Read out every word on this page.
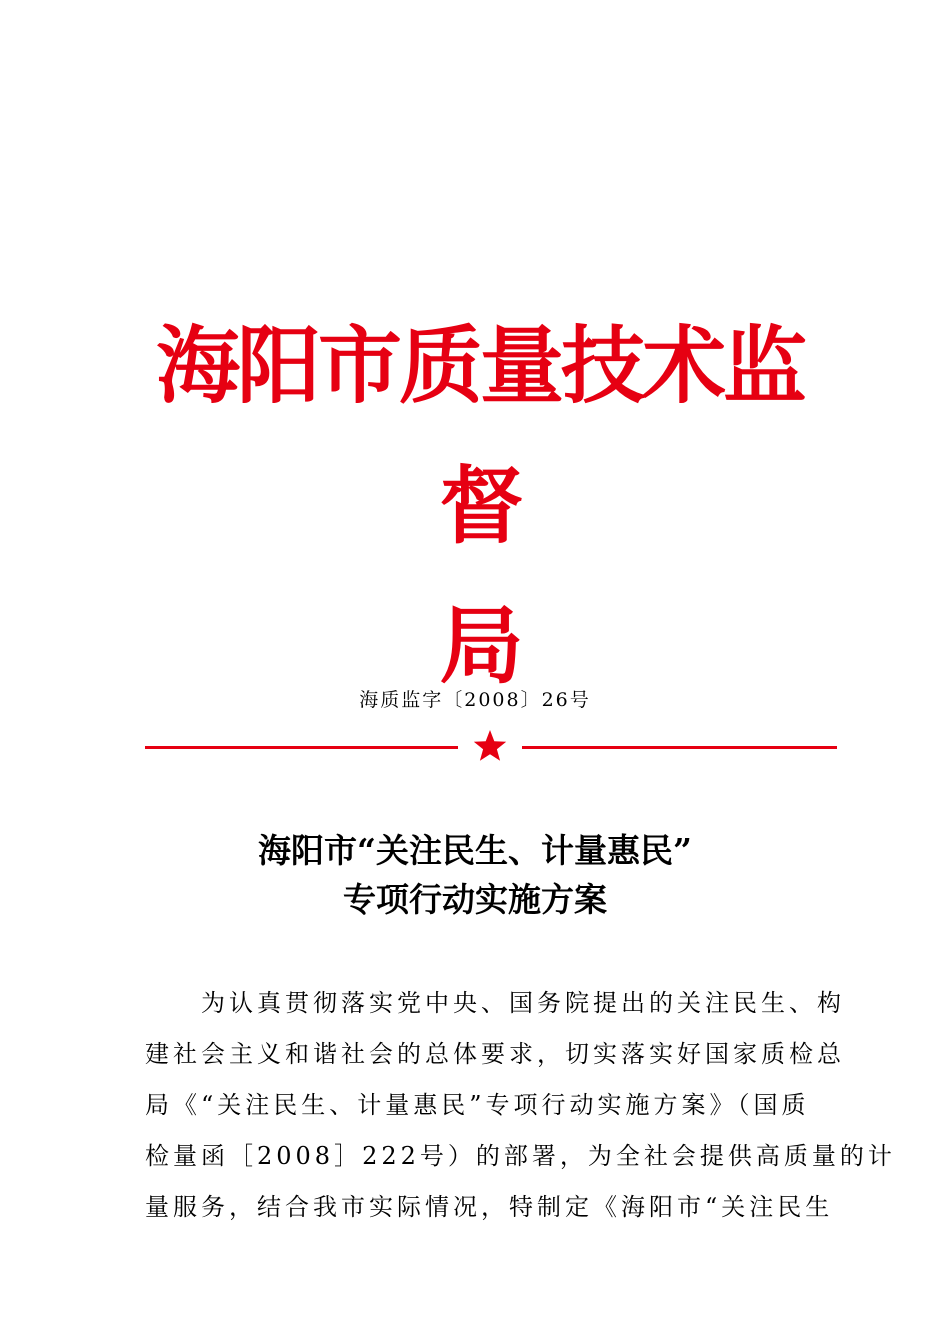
海阳市质量技术监督
局
海质监字〔2008〕26号
海阳市“关注民生、计量惠民”
专项行动实施方案
为认真贯彻落实党中央、国务院提出的关注民生、构
建社会主义和谐社会的总体要求，切实落实好国家质检总
局《“关注民生、计量惠民”专项行动实施方案》（国质
检量函［2008］222号）的部署，为全社会提供高质量的计
量服务，结合我市实际情况，特制定《海阳市“关注民生
